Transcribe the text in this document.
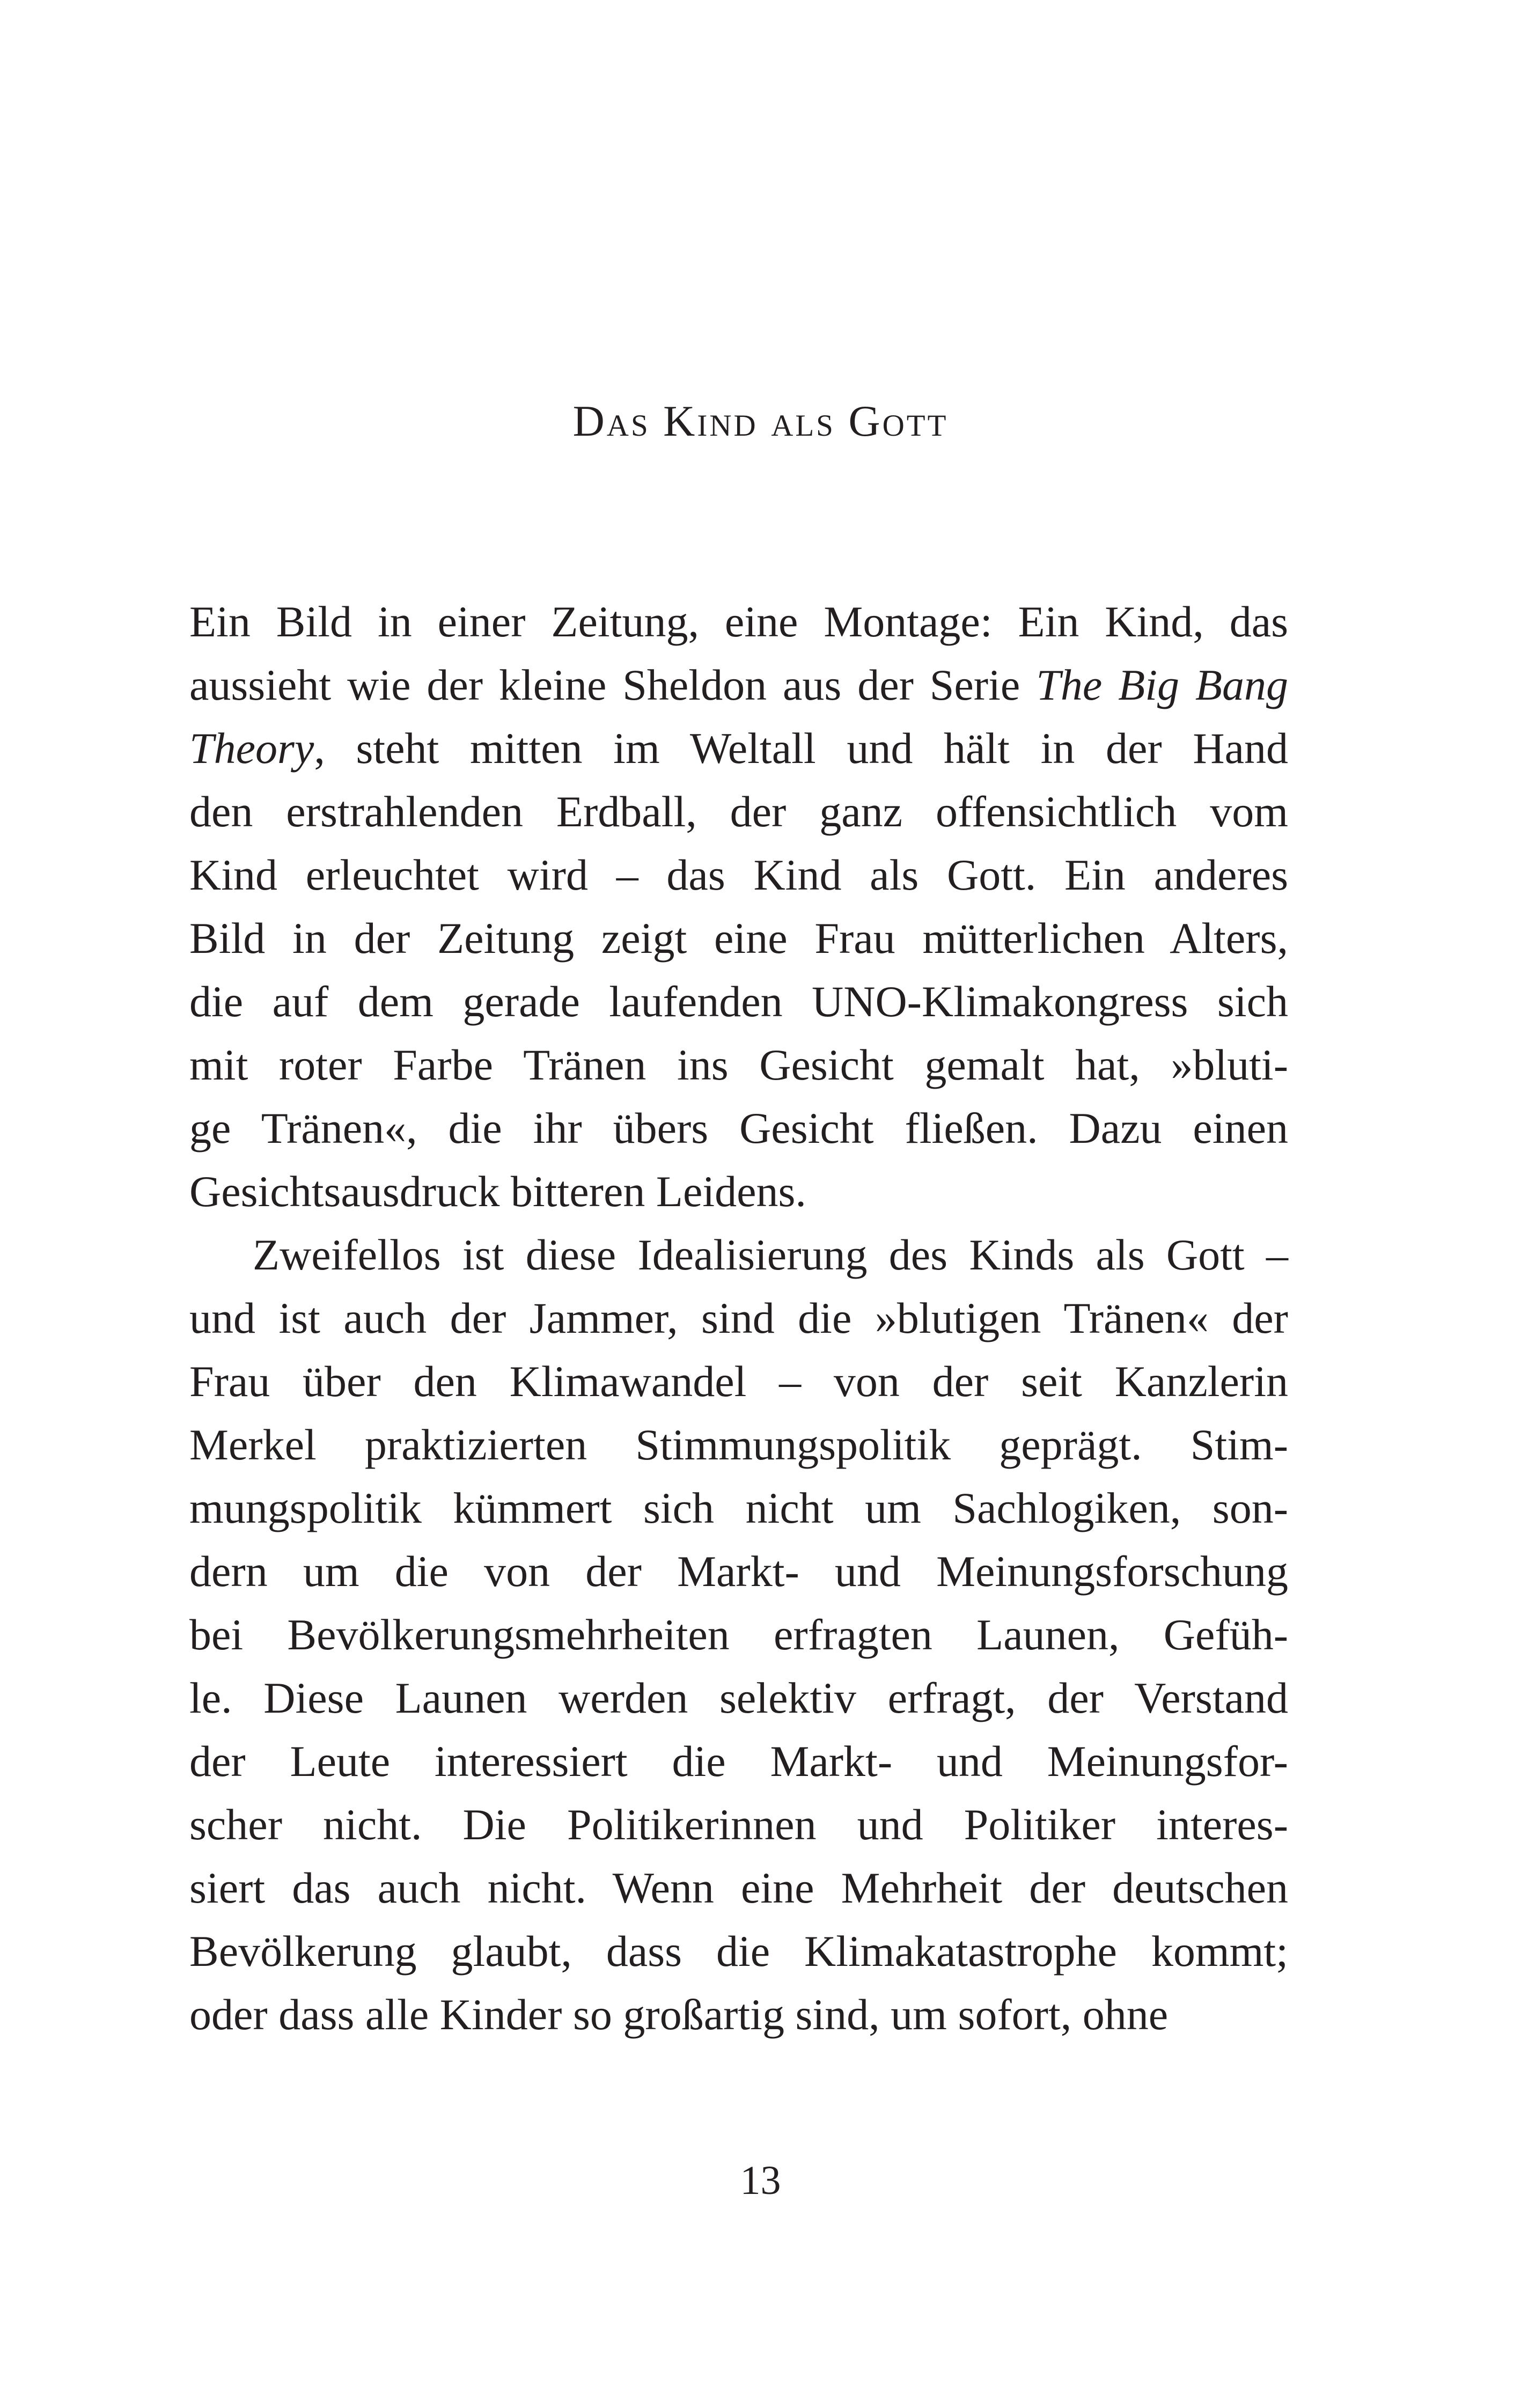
Das Kind als Gott
Ein Bild in einer Zeitung, eine Montage: Ein Kind, das
aussieht wie der kleine Sheldon aus der Serie The Big Bang
Theory, steht mitten im Weltall und hält in der Hand
den erstrahlenden Erdball, der ganz offensichtlich vom
Kind erleuchtet wird – das Kind als Gott. Ein anderes
Bild in der Zeitung zeigt eine Frau mütterlichen Alters,
die auf dem gerade laufenden UNO-Klimakongress sich
mit roter Farbe Tränen ins Gesicht gemalt hat, »bluti-
ge Tränen«, die ihr übers Gesicht fließen. Dazu einen
Gesichtsausdruck bitteren Leidens.
Zweifellos ist diese Idealisierung des Kinds als Gott –
und ist auch der Jammer, sind die »blutigen Tränen« der
Frau über den Klimawandel – von der seit Kanzlerin
Merkel praktizierten Stimmungspolitik geprägt. Stim-
mungspolitik kümmert sich nicht um Sachlogiken, son-
dern um die von der Markt- und Meinungsforschung
bei Bevölkerungsmehrheiten erfragten Launen, Gefüh-
le. Diese Launen werden selektiv erfragt, der Verstand
der Leute interessiert die Markt- und Meinungsfor-
scher nicht. Die Politikerinnen und Politiker interes-
siert das auch nicht. Wenn eine Mehrheit der deutschen
Bevölkerung glaubt, dass die Klimakatastrophe kommt;
oder dass alle Kinder so großartig sind, um sofort, ohne
13
